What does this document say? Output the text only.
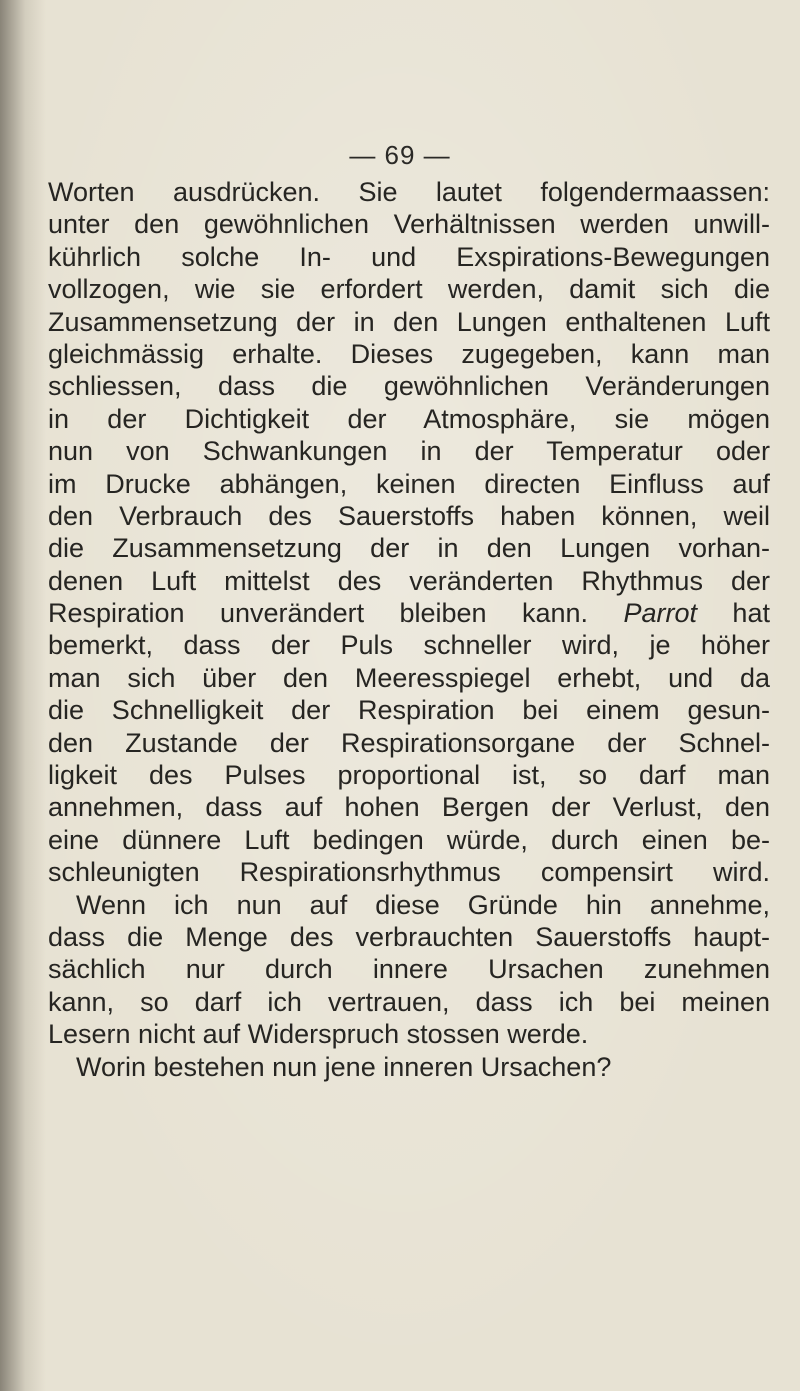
— 69 —
Worten ausdrücken. Sie lautet folgendermaassen:
unter den gewöhnlichen Verhältnissen werden unwill-
kührlich solche In- und Exspirations-Bewegungen
vollzogen, wie sie erfordert werden, damit sich die
Zusammensetzung der in den Lungen enthaltenen Luft
gleichmässig erhalte. Dieses zugegeben, kann man
schliessen, dass die gewöhnlichen Veränderungen
in der Dichtigkeit der Atmosphäre, sie mögen
nun von Schwankungen in der Temperatur oder
im Drucke abhängen, keinen directen Einfluss auf
den Verbrauch des Sauerstoffs haben können, weil
die Zusammensetzung der in den Lungen vorhan-
denen Luft mittelst des veränderten Rhythmus der
Respiration unverändert bleiben kann. Parrot hat
bemerkt, dass der Puls schneller wird, je höher
man sich über den Meeresspiegel erhebt, und da
die Schnelligkeit der Respiration bei einem gesun-
den Zustande der Respirationsorgane der Schnel-
ligkeit des Pulses proportional ist, so darf man
annehmen, dass auf hohen Bergen der Verlust, den
eine dünnere Luft bedingen würde, durch einen be-
schleunigten Respirationsrhythmus compensirt wird.
Wenn ich nun auf diese Gründe hin annehme,
dass die Menge des verbrauchten Sauerstoffs haupt-
sächlich nur durch innere Ursachen zunehmen
kann, so darf ich vertrauen, dass ich bei meinen
Lesern nicht auf Widerspruch stossen werde.
Worin bestehen nun jene inneren Ursachen?
